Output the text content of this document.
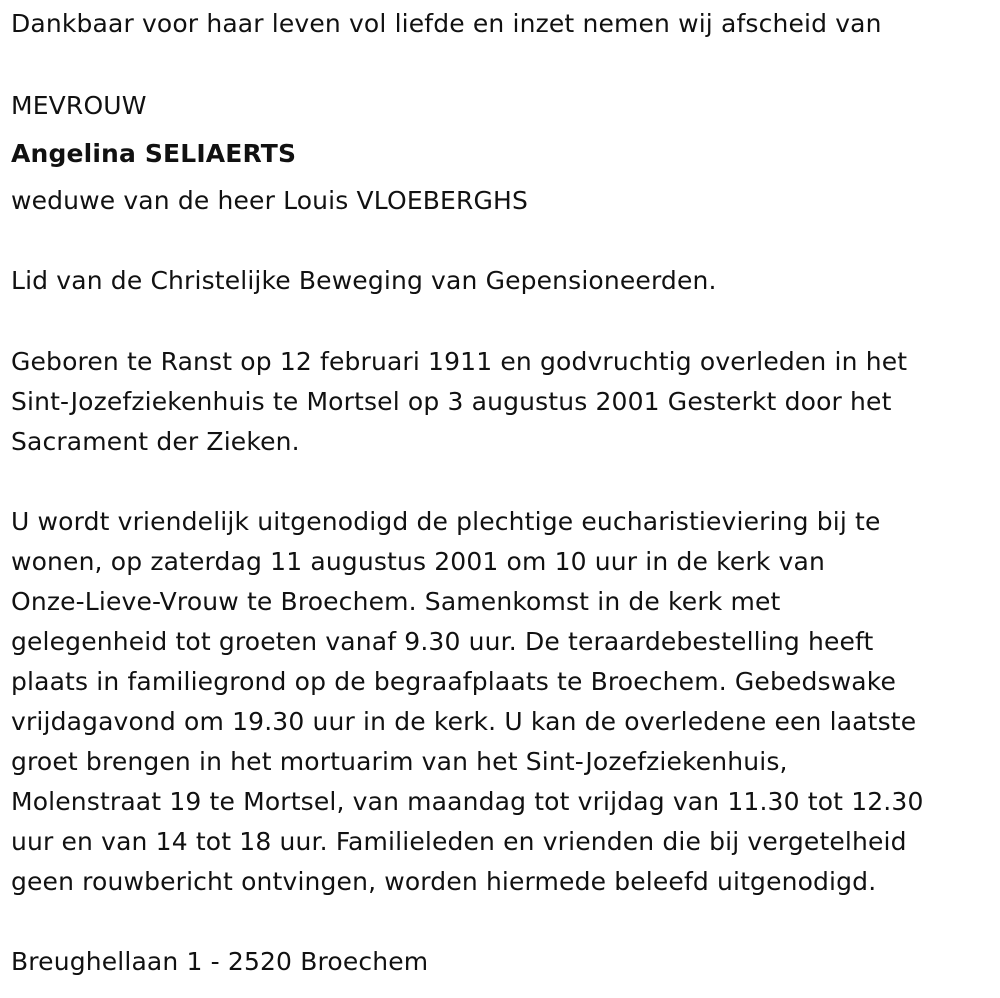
Dankbaar voor haar leven vol liefde en inzet nemen wij afscheid van
MEVROUW
Angelina SELIAERTS
weduwe van de heer Louis VLOEBERGHS
Lid van de Christelijke Beweging van Gepensioneerden.
Geboren te Ranst op 12 februari 1911 en godvruchtig overleden in het
Sint-Jozefziekenhuis te Mortsel op 3 augustus 2001 Gesterkt door het
Sacrament der Zieken.
U wordt vriendelijk uitgenodigd de plechtige eucharistieviering bij te
wonen, op zaterdag 11 augustus 2001 om 10 uur in de kerk van
Onze-Lieve-Vrouw te Broechem. Samenkomst in de kerk met
gelegenheid tot groeten vanaf 9.30 uur. De teraardebestelling heeft
plaats in familiegrond op de begraafplaats te Broechem. Gebedswake
vrijdagavond om 19.30 uur in de kerk. U kan de overledene een laatste
groet brengen in het mortuarim van het Sint-Jozefziekenhuis,
Molenstraat 19 te Mortsel, van maandag tot vrijdag van 11.30 tot 12.30
uur en van 14 tot 18 uur. Familieleden en vrienden die bij vergetelheid
geen rouwbericht ontvingen, worden hiermede beleefd uitgenodigd.
Breughellaan 1 - 2520 Broechem
